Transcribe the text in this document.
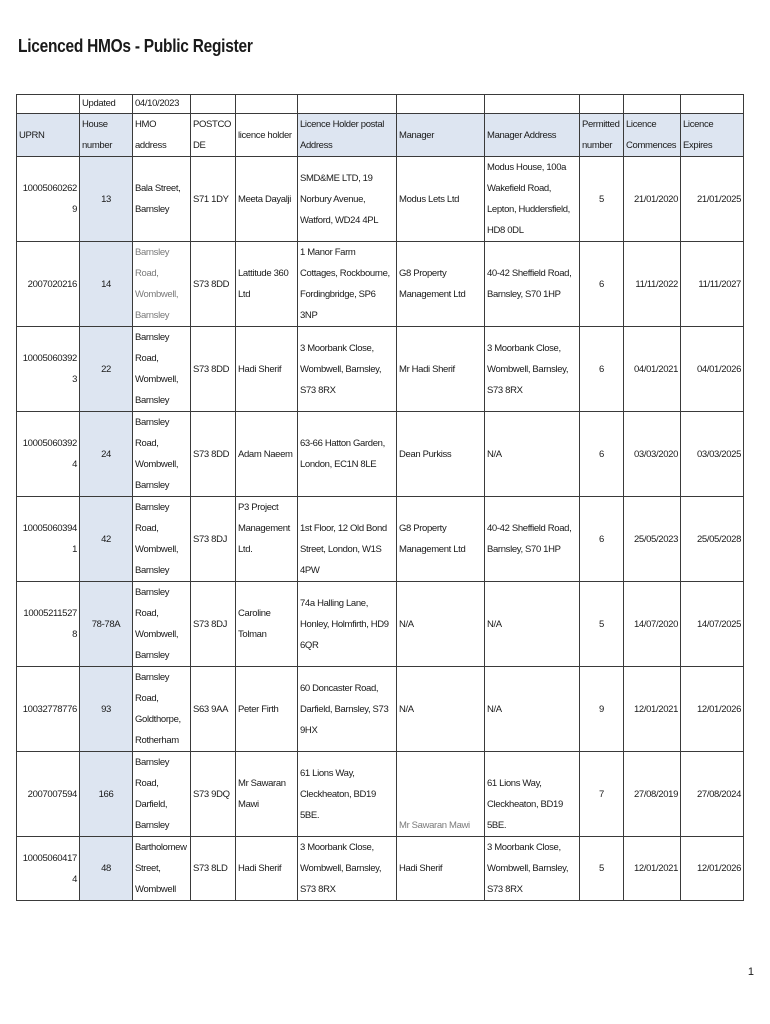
Licenced HMOs - Public Register
	Updated	04/10/2023								
UPRN	House number	HMO address	POSTCODE	licence holder	Licence Holder postal Address	Manager	Manager Address	Permitted number	Licence Commences	Licence Expires
100050602629	13	Bala Street, Barnsley	S71 1DY	Meeta Dayalji	SMD&ME LTD, 19 Norbury Avenue, Watford, WD24 4PL	Modus Lets Ltd	Modus House, 100a Wakefield Road, Lepton, Huddersfield, HD8 0DL	5	21/01/2020	21/01/2025
2007020216	14	Barnsley Road, Wombwell, Barnsley	S73 8DD	Lattitude 360 Ltd	1 Manor Farm Cottages, Rockbourne, Fordingbridge, SP6 3NP	G8 Property Management Ltd	40-42 Sheffield Road, Barnsley, S70 1HP	6	11/11/2022	11/11/2027
100050603923	22	Barnsley Road, Wombwell, Barnsley	S73 8DD	Hadi Sherif	3 Moorbank Close, Wombwell, Barnsley, S73 8RX	Mr Hadi Sherif	3 Moorbank Close, Wombwell, Barnsley, S73 8RX	6	04/01/2021	04/01/2026
100050603924	24	Barnsley Road, Wombwell, Barnsley	S73 8DD	Adam Naeem	63-66 Hatton Garden, London, EC1N 8LE	Dean Purkiss	N/A	6	03/03/2020	03/03/2025
100050603941	42	Barnsley Road, Wombwell, Barnsley	S73 8DJ	P3 Project Management Ltd.	1st Floor, 12 Old Bond Street, London, W1S 4PW	G8 Property Management Ltd	40-42 Sheffield Road, Barnsley, S70 1HP	6	25/05/2023	25/05/2028
100052115278	78-78A	Barnsley Road, Wombwell, Barnsley	S73 8DJ	Caroline Tolman	74a Halling Lane, Honley, Holmfirth, HD9 6QR	N/A	N/A	5	14/07/2020	14/07/2025
10032778776	93	Barnsley Road, Goldthorpe, Rotherham	S63 9AA	Peter Firth	60 Doncaster Road, Darfield, Barnsley, S73 9HX	N/A	N/A	9	12/01/2021	12/01/2026
2007007594	166	Barnsley Road, Darfield, Barnsley	S73 9DQ	Mr Sawaran Mawi	61 Lions Way, Cleckheaton, BD19 5BE.	Mr Sawaran Mawi	61 Lions Way, Cleckheaton, BD19 5BE.	7	27/08/2019	27/08/2024
100050604174	48	Bartholomew Street, Wombwell	S73 8LD	Hadi Sherif	3 Moorbank Close, Wombwell, Barnsley, S73 8RX	Hadi Sherif	3 Moorbank Close, Wombwell, Barnsley, S73 8RX	5	12/01/2021	12/01/2026
1
